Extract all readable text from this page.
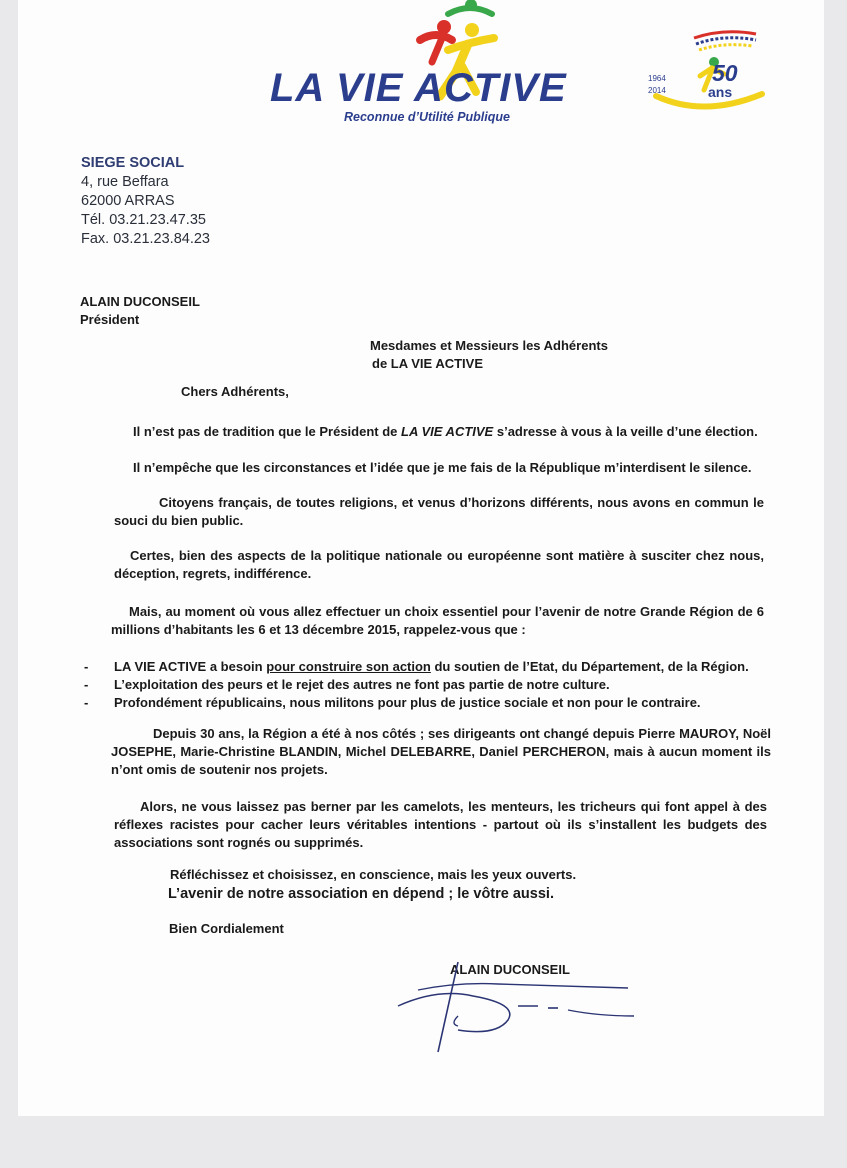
LA VIE ACTIVE
Reconnue d’Utilité Publique
50
ans
1964
2014
SIEGE SOCIAL
4, rue Beffara
62000 ARRAS
Tél. 03.21.23.47.35
Fax. 03.21.23.84.23
ALAIN DUCONSEIL
Président
Mesdames et Messieurs les Adhérents
de LA VIE ACTIVE
Chers Adhérents,
Il n’est pas de tradition que le Président de LA VIE ACTIVE s’adresse à vous à la veille d’une élection.
Il n’empêche que les circonstances et l’idée que je me fais de la République m’interdisent le silence.
Citoyens français, de toutes religions, et venus d’horizons différents, nous avons en commun le souci du bien public.
Certes, bien des aspects de la politique nationale ou européenne sont matière à susciter chez nous, déception, regrets, indifférence.
Mais, au moment où vous allez effectuer un choix essentiel pour l’avenir de notre Grande Région de 6 millions d’habitants les 6 et 13 décembre 2015, rappelez-vous que :
- LA VIE ACTIVE a besoin pour construire son action du soutien de l’Etat, du Département, de la Région.
- L’exploitation des peurs et le rejet des autres ne font pas partie de notre culture.
- Profondément républicains, nous militons pour plus de justice sociale et non pour le contraire.
Depuis 30 ans, la Région a été à nos côtés ; ses dirigeants ont changé depuis Pierre MAUROY, Noël JOSEPHE, Marie-Christine BLANDIN, Michel DELEBARRE, Daniel PERCHERON, mais à aucun moment ils n’ont omis de soutenir nos projets.
Alors, ne vous laissez pas berner par les camelots, les menteurs, les tricheurs qui font appel à des réflexes racistes pour cacher leurs véritables intentions - partout où ils s’installent les budgets des associations sont rognés ou supprimés.
Réfléchissez et choisissez, en conscience, mais les yeux ouverts.
L’avenir de notre association en dépend ; le vôtre aussi.
Bien Cordialement
ALAIN DUCONSEIL
